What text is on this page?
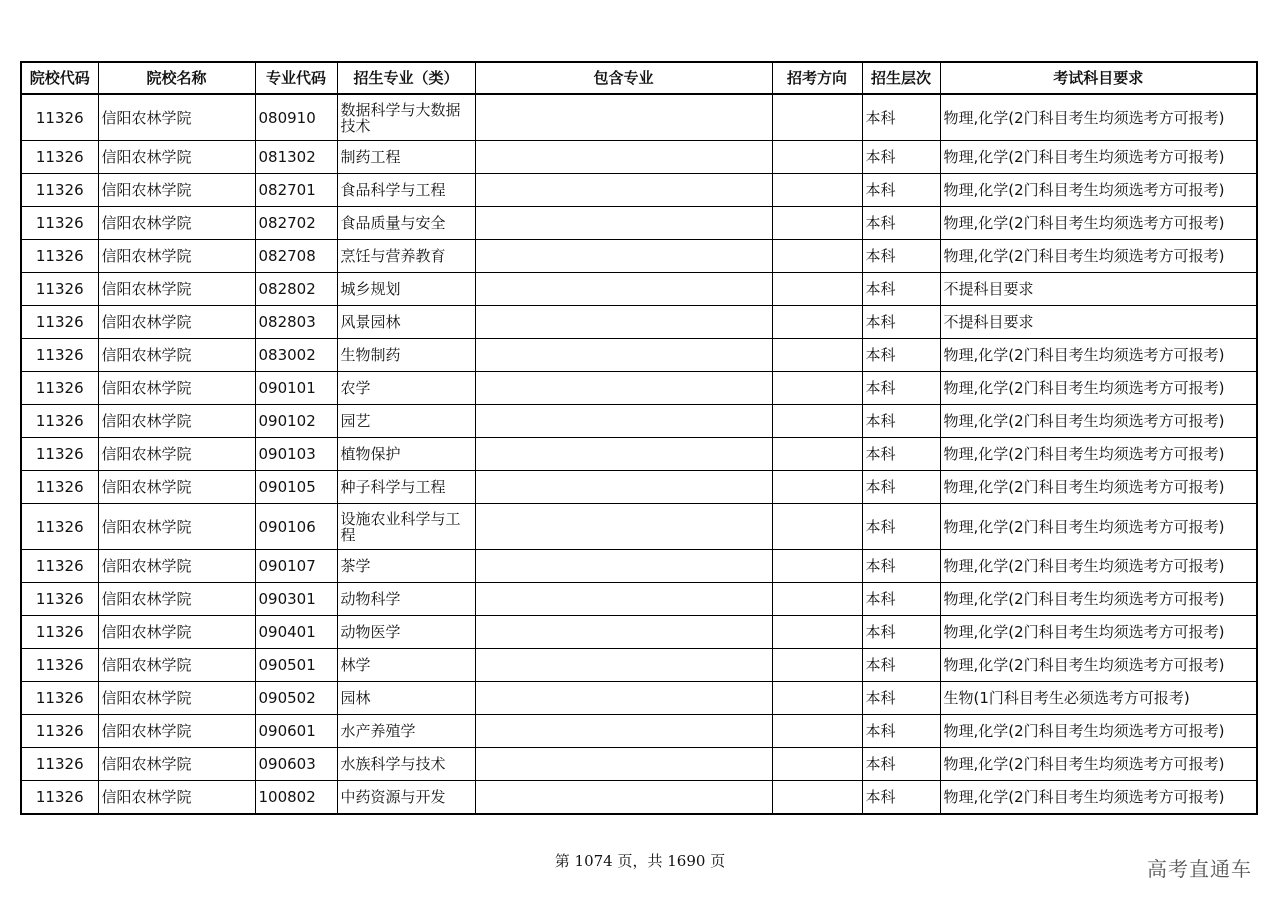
院校代码	院校名称	专业代码	招生专业（类）	包含专业	招考方向	招生层次	考试科目要求
11326	信阳农林学院	080910	数据科学与大数据技术			本科	物理,化学(2门科目考生均须选考方可报考)
11326	信阳农林学院	081302	制药工程			本科	物理,化学(2门科目考生均须选考方可报考)
11326	信阳农林学院	082701	食品科学与工程			本科	物理,化学(2门科目考生均须选考方可报考)
11326	信阳农林学院	082702	食品质量与安全			本科	物理,化学(2门科目考生均须选考方可报考)
11326	信阳农林学院	082708	烹饪与营养教育			本科	物理,化学(2门科目考生均须选考方可报考)
11326	信阳农林学院	082802	城乡规划			本科	不提科目要求
11326	信阳农林学院	082803	风景园林			本科	不提科目要求
11326	信阳农林学院	083002	生物制药			本科	物理,化学(2门科目考生均须选考方可报考)
11326	信阳农林学院	090101	农学			本科	物理,化学(2门科目考生均须选考方可报考)
11326	信阳农林学院	090102	园艺			本科	物理,化学(2门科目考生均须选考方可报考)
11326	信阳农林学院	090103	植物保护			本科	物理,化学(2门科目考生均须选考方可报考)
11326	信阳农林学院	090105	种子科学与工程			本科	物理,化学(2门科目考生均须选考方可报考)
11326	信阳农林学院	090106	设施农业科学与工程			本科	物理,化学(2门科目考生均须选考方可报考)
11326	信阳农林学院	090107	茶学			本科	物理,化学(2门科目考生均须选考方可报考)
11326	信阳农林学院	090301	动物科学			本科	物理,化学(2门科目考生均须选考方可报考)
11326	信阳农林学院	090401	动物医学			本科	物理,化学(2门科目考生均须选考方可报考)
11326	信阳农林学院	090501	林学			本科	物理,化学(2门科目考生均须选考方可报考)
11326	信阳农林学院	090502	园林			本科	生物(1门科目考生必须选考方可报考)
11326	信阳农林学院	090601	水产养殖学			本科	物理,化学(2门科目考生均须选考方可报考)
11326	信阳农林学院	090603	水族科学与技术			本科	物理,化学(2门科目考生均须选考方可报考)
11326	信阳农林学院	100802	中药资源与开发			本科	物理,化学(2门科目考生均须选考方可报考)
第 1074 页，共 1690 页	高考直通车
